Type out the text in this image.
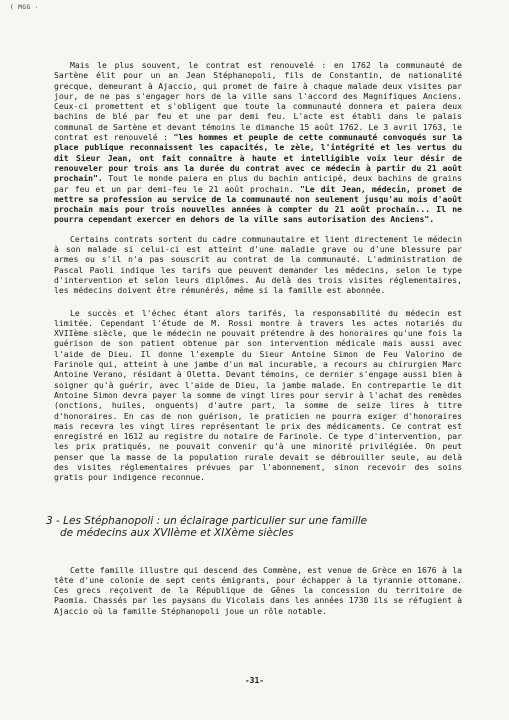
( MGG ·

Mais le plus souvent, le contrat est renouvelé : en 1762 la communauté de Sartène élit pour un an Jean Stéphanopoli, fils de Constantin, de nationalité grecque, demeurant à Ajaccio, qui promet de faire à chaque malade deux visites par jour, de ne pas s'engager hors de la ville sans l'accord des Magnifiques Anciens. Ceux-ci promettent et s'obligent que toute la communauté donnera et paiera deux bachins de blé par feu et une par demi feu. L'acte est établi dans le palais communal de Sartène et devant témoins le dimanche 15 août 1762. Le 3 avril 1763, le contrat est renouvelé : "les hommes et peuple de cette communauté convoqués sur la place publique reconnaissent les capacités, le zèle, l'intégrité et les vertus du dit Sieur Jean, ont fait connaître à haute et intelligible voix leur désir de renouveler pour trois ans la durée du contrat avec ce médecin à partir du 21 août prochain". Tout le monde paiera en plus du bachin anticipé, deux bachins de grains par feu et un par demi-feu le 21 août prochain. "Le dit Jean, médecin, promet de mettre sa profession au service de la communauté non seulement jusqu'au mois d'août prochain mais pour trois nouvelles années à compter du 21 août prochain... Il ne pourra cependant exercer en dehors de la ville sans autorisation des Anciens".

Certains contrats sortent du cadre communautaire et lient directement le médecin à son malade si celui-ci est atteint d'une maladie grave ou d'une blessure par armes ou s'il n'a pas souscrit au contrat de la communauté. L'administration de Pascal Paoli indique les tarifs que peuvent demander les médecins, selon le type d'intervention et selon leurs diplômes. Au delà des trois visites réglementaires, les médecins doivent être rémunérés, même si la famille est abonnée.

Le succès et l'échec étant alors tarifés, la responsabilité du médecin est limitée. Cependant l'étude de M. Rossi montre à travers les actes notariés du XVIIème siècle, que le médecin ne pouvait prétendre à des honoraires qu'une fois la guérison de son patient obtenue par son intervention médicale mais aussi avec l'aide de Dieu. Il donne l'exemple du Sieur Antoine Simon de Feu Valorino de Farinole qui, atteint à une jambe d'un mal incurable, a recours au chirurgien Marc Antoine Verano, résidant à Oletta. Devant témoins, ce dernier s'engage aussi bien à soigner qu'à guérir, avec l'aide de Dieu, la jambe malade. En contrepartie le dit Antoine Simon devra payer la somme de vingt lires pour servir à l'achat des remèdes (onctions, huiles, onguents) d'autre part, la somme de seize lires à titre d'honoraires. En cas de non guérison, le praticien ne pourra exiger d'honoraires mais recevra les vingt lires représentant le prix des médicaments. Ce contrat est enregistré en 1612 au registre du notaire de Farinole. Ce type d'intervention, par les prix pratiqués, ne pouvait convenir qu'à une minorité privilégiée. On peut penser que la masse de la population rurale devait se débrouiller seule, au delà des visites réglementaires prévues par l'abonnement, sinon recevoir des soins gratis pour indigence reconnue.

3 - Les Stéphanopoli : un éclairage particulier sur une famille
de médecins aux XVIIème et XIXème siècles

Cette famille illustre qui descend des Commène, est venue de Grèce en 1676 à la tête d'une colonie de sept cents émigrants, pour échapper à la tyrannie ottomane. Ces grecs reçoivent de la République de Gênes la concession du territoire de Paomia. Chassés par les paysans du Vicolais dans les années 1730 ils se réfugient à Ajaccio où la famille Stéphanopoli joue un rôle notable.

-31-
